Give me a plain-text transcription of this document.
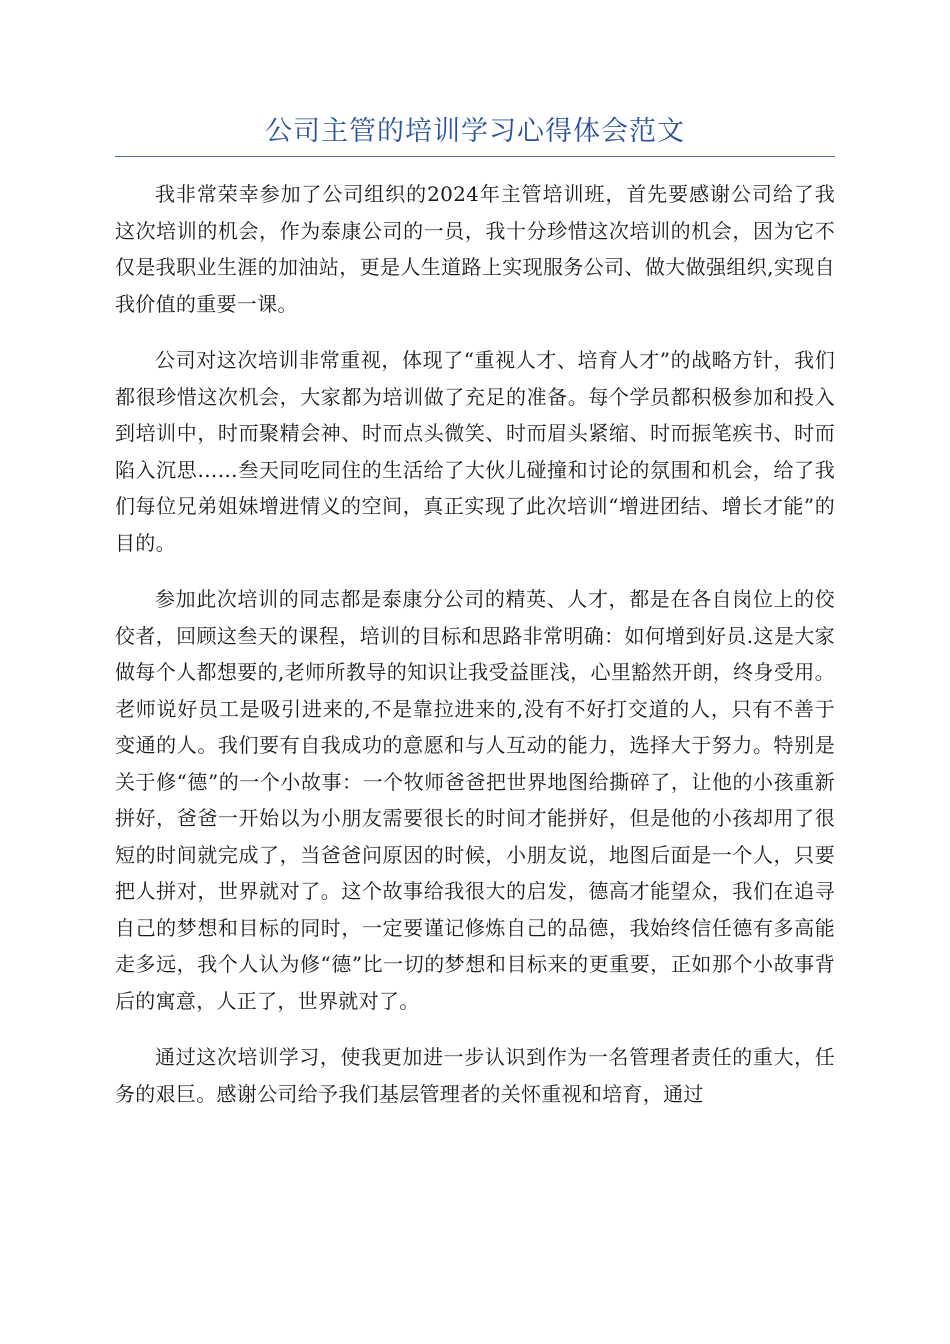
公司主管的培训学习心得体会范文

我非常荣幸参加了公司组织的2024年主管培训班，首先要感谢公司给了我这次培训的机会，作为泰康公司的一员，我十分珍惜这次培训的机会，因为它不仅是我职业生涯的加油站，更是人生道路上实现服务公司、做大做强组织,实现自我价值的重要一课。

公司对这次培训非常重视，体现了“重视人才、培育人才”的战略方针，我们都很珍惜这次机会，大家都为培训做了充足的准备。每个学员都积极参加和投入到培训中，时而聚精会神、时而点头微笑、时而眉头紧缩、时而振笔疾书、时而陷入沉思……叁天同吃同住的生活给了大伙儿碰撞和讨论的氛围和机会，给了我们每位兄弟姐妹增进情义的空间，真正实现了此次培训“增进团结、增长才能”的目的。

参加此次培训的同志都是泰康分公司的精英、人才，都是在各自岗位上的佼佼者，回顾这叁天的课程，培训的目标和思路非常明确：如何增到好员.这是大家做每个人都想要的,老师所教导的知识让我受益匪浅，心里豁然开朗，终身受用。老师说好员工是吸引进来的,不是靠拉进来的,没有不好打交道的人，只有不善于变通的人。我们要有自我成功的意愿和与人互动的能力，选择大于努力。特别是关于修“德”的一个小故事：一个牧师爸爸把世界地图给撕碎了，让他的小孩重新拼好，爸爸一开始以为小朋友需要很长的时间才能拼好，但是他的小孩却用了很短的时间就完成了，当爸爸问原因的时候，小朋友说，地图后面是一个人，只要把人拼对，世界就对了。这个故事给我很大的启发，德高才能望众，我们在追寻自己的梦想和目标的同时，一定要谨记修炼自己的品德，我始终信任德有多高能走多远，我个人认为修“德”比一切的梦想和目标来的更重要，正如那个小故事背后的寓意，人正了，世界就对了。

通过这次培训学习，使我更加进一步认识到作为一名管理者责任的重大，任务的艰巨。感谢公司给予我们基层管理者的关怀重视和培育，通过
